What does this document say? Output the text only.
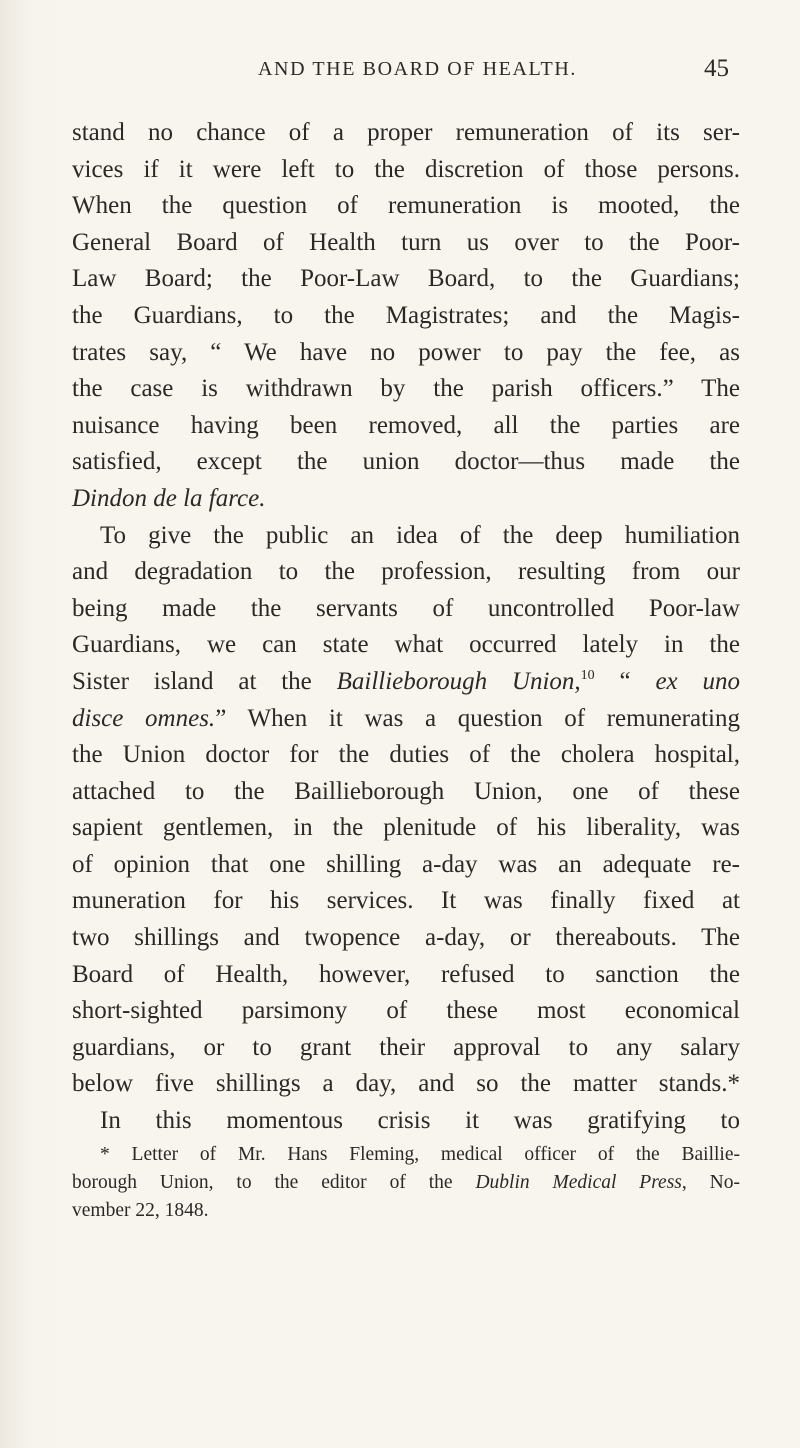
AND THE BOARD OF HEALTH.	45
stand no chance of a proper remuneration of its ser-
vices if it were left to the discretion of those persons.
When the question of remuneration is mooted, the
General Board of Health turn us over to the Poor-
Law Board; the Poor-Law Board, to the Guardians;
the Guardians, to the Magistrates; and the Magis-
trates say, “ We have no power to pay the fee, as
the case is withdrawn by the parish officers.” The
nuisance having been removed, all the parties are
satisfied, except the union doctor—thus made the
Dindon de la farce.
To give the public an idea of the deep humiliation
and degradation to the profession, resulting from our
being made the servants of uncontrolled Poor-law
Guardians, we can state what occurred lately in the
Sister island at the Baillieborough Union,$^{10}$ “ ex uno
disce omnes.” When it was a question of remunerating
the Union doctor for the duties of the cholera hospital,
attached to the Baillieborough Union, one of these
sapient gentlemen, in the plenitude of his liberality, was
of opinion that one shilling a-day was an adequate re-
muneration for his services. It was finally fixed at
two shillings and twopence a-day, or thereabouts. The
Board of Health, however, refused to sanction the
short-sighted parsimony of these most economical
guardians, or to grant their approval to any salary
below five shillings a day, and so the matter stands.*
In this momentous crisis it was gratifying to
* Letter of Mr. Hans Fleming, medical officer of the Baillie-
borough Union, to the editor of the Dublin Medical Press, No-
vember 22, 1848.
